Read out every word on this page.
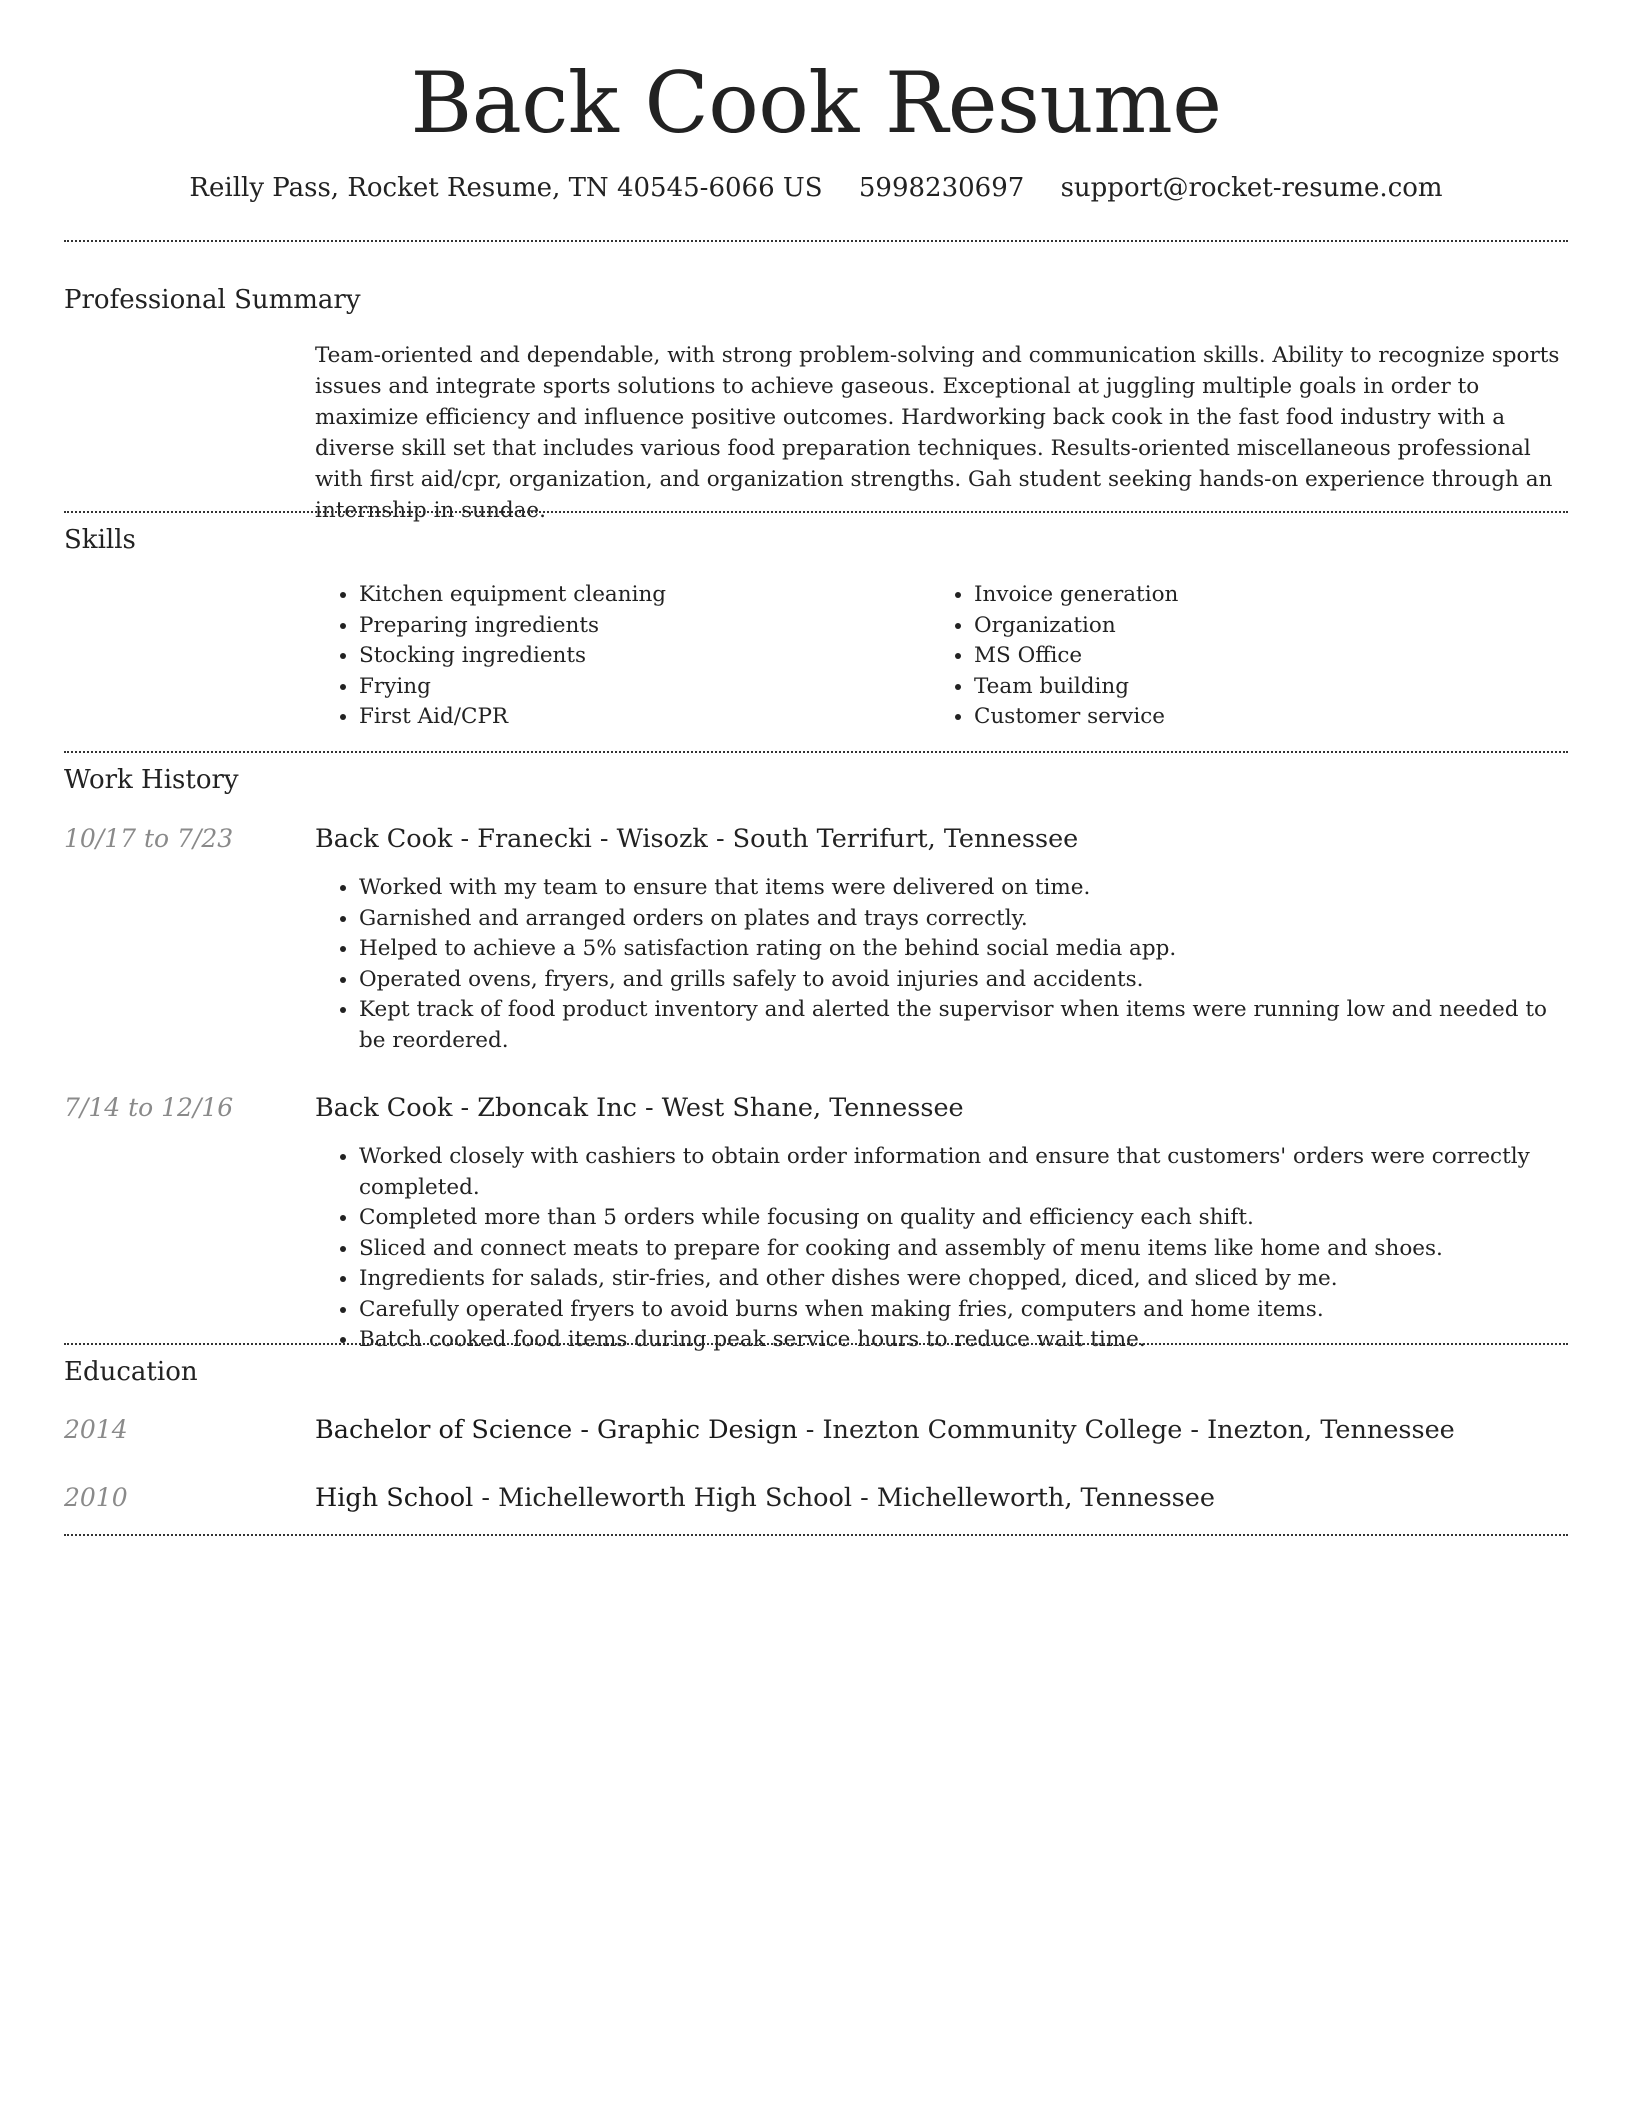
Back Cook Resume
Reilly Pass, Rocket Resume, TN 40545-6066 US 5998230697 support@rocket-resume.com
Professional Summary

Team-oriented and dependable, with strong problem-solving and communication skills. Ability to recognize sports issues and integrate sports solutions to achieve gaseous. Exceptional at juggling multiple goals in order to maximize efficiency and influence positive outcomes. Hardworking back cook in the fast food industry with a diverse skill set that includes various food preparation techniques. Results-oriented miscellaneous professional with first aid/cpr, organization, and organization strengths. Gah student seeking hands-on experience through an internship in sundae.

Skills
• Kitchen equipment cleaning
• Preparing ingredients
• Stocking ingredients
• Frying
• First Aid/CPR
• Invoice generation
• Organization
• MS Office
• Team building
• Customer service
Work History
10/17 to 7/23	Back Cook - Franecki - Wisozk - South Terrifurt, Tennessee
• Worked with my team to ensure that items were delivered on time.
• Garnished and arranged orders on plates and trays correctly.
• Helped to achieve a 5% satisfaction rating on the behind social media app.
• Operated ovens, fryers, and grills safely to avoid injuries and accidents.
• Kept track of food product inventory and alerted the supervisor when items were running low and needed to be reordered.
7/14 to 12/16	Back Cook - Zboncak Inc - West Shane, Tennessee
• Worked closely with cashiers to obtain order information and ensure that customers' orders were correctly completed.
• Completed more than 5 orders while focusing on quality and efficiency each shift.
• Sliced and connect meats to prepare for cooking and assembly of menu items like home and shoes.
• Ingredients for salads, stir-fries, and other dishes were chopped, diced, and sliced by me.
• Carefully operated fryers to avoid burns when making fries, computers and home items.
• Batch cooked food items during peak service hours to reduce wait time.
Education
2014	Bachelor of Science - Graphic Design - Inezton Community College - Inezton, Tennessee
2010	High School - Michelleworth High School - Michelleworth, Tennessee
